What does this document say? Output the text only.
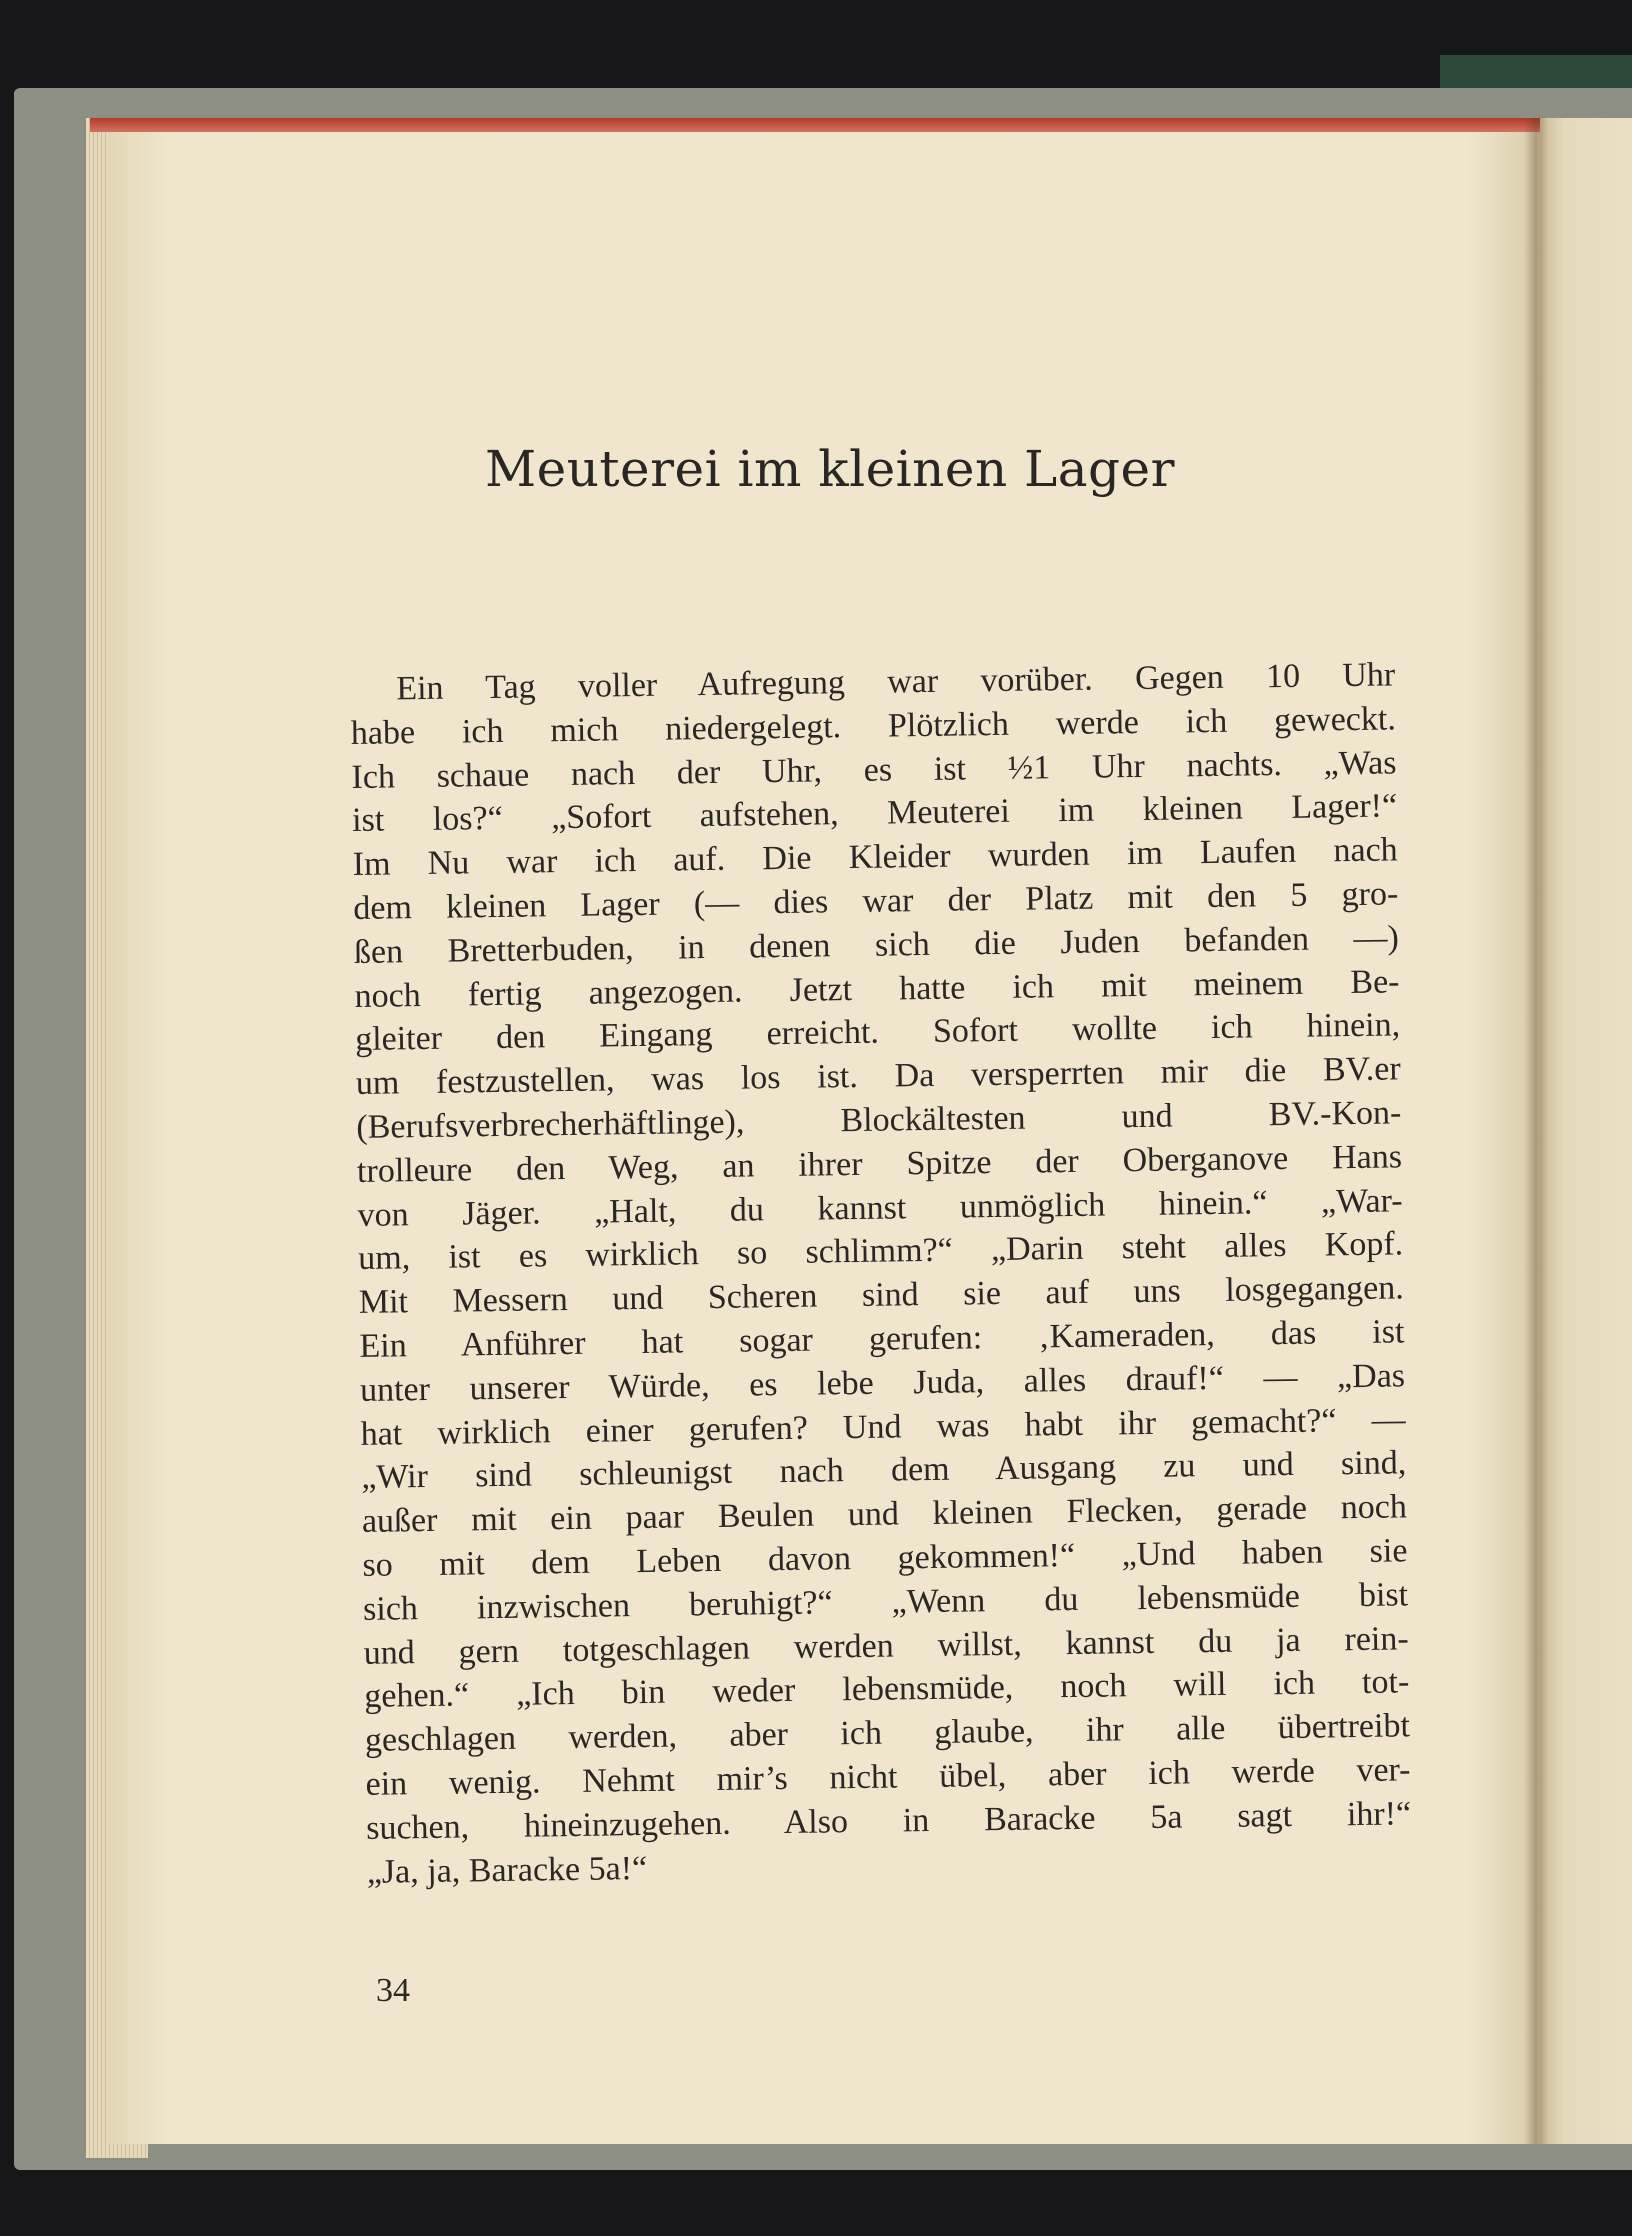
Meuterei im kleinen Lager
Ein Tag voller Aufregung war vorüber. Gegen 10 Uhr
habe ich mich niedergelegt. Plötzlich werde ich geweckt.
Ich schaue nach der Uhr, es ist ½1 Uhr nachts. „Was
ist los?“ „Sofort aufstehen, Meuterei im kleinen Lager!“
Im Nu war ich auf. Die Kleider wurden im Laufen nach
dem kleinen Lager (— dies war der Platz mit den 5 gro-
ßen Bretterbuden, in denen sich die Juden befanden —)
noch fertig angezogen. Jetzt hatte ich mit meinem Be-
gleiter den Eingang erreicht. Sofort wollte ich hinein,
um festzustellen, was los ist. Da versperrten mir die BV.er
(Berufsverbrecherhäftlinge), Blockältesten und BV.-Kon-
trolleure den Weg, an ihrer Spitze der Oberganove Hans
von Jäger. „Halt, du kannst unmöglich hinein.“ „War-
um, ist es wirklich so schlimm?“ „Darin steht alles Kopf.
Mit Messern und Scheren sind sie auf uns losgegangen.
Ein Anführer hat sogar gerufen: ‚Kameraden, das ist
unter unserer Würde, es lebe Juda, alles drauf!“ — „Das
hat wirklich einer gerufen? Und was habt ihr gemacht?“ —
„Wir sind schleunigst nach dem Ausgang zu und sind,
außer mit ein paar Beulen und kleinen Flecken, gerade noch
so mit dem Leben davon gekommen!“ „Und haben sie
sich inzwischen beruhigt?“ „Wenn du lebensmüde bist
und gern totgeschlagen werden willst, kannst du ja rein-
gehen.“ „Ich bin weder lebensmüde, noch will ich tot-
geschlagen werden, aber ich glaube, ihr alle übertreibt
ein wenig. Nehmt mir’s nicht übel, aber ich werde ver-
suchen, hineinzugehen. Also in Baracke 5a sagt ihr!“
„Ja, ja, Baracke 5a!“
34
